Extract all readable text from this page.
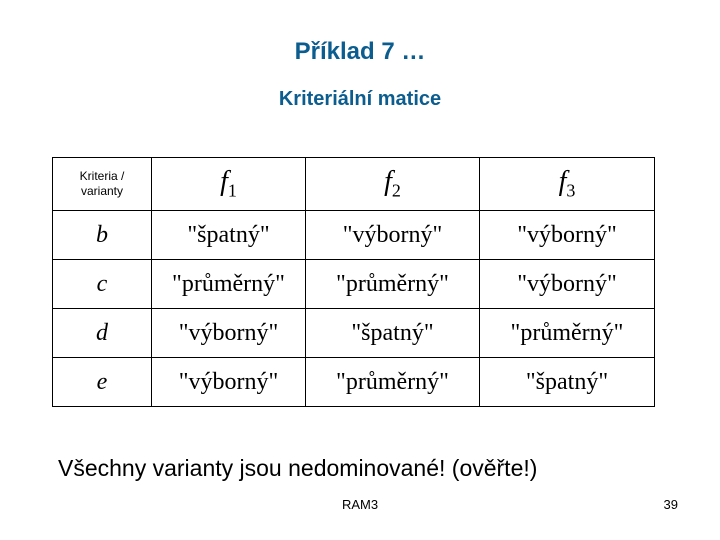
Příklad 7 …
Kriteriální matice
Kriteria /
varianty	$f_1$	$f_2$	$f_3$
b	"špatný"	"výborný"	"výborný"
c	"průměrný"	"průměrný"	"výborný"
d	"výborný"	"špatný"	"průměrný"
e	"výborný"	"průměrný"	"špatný"
Všechny varianty jsou nedominované! (ověřte!)
RAM3	39
